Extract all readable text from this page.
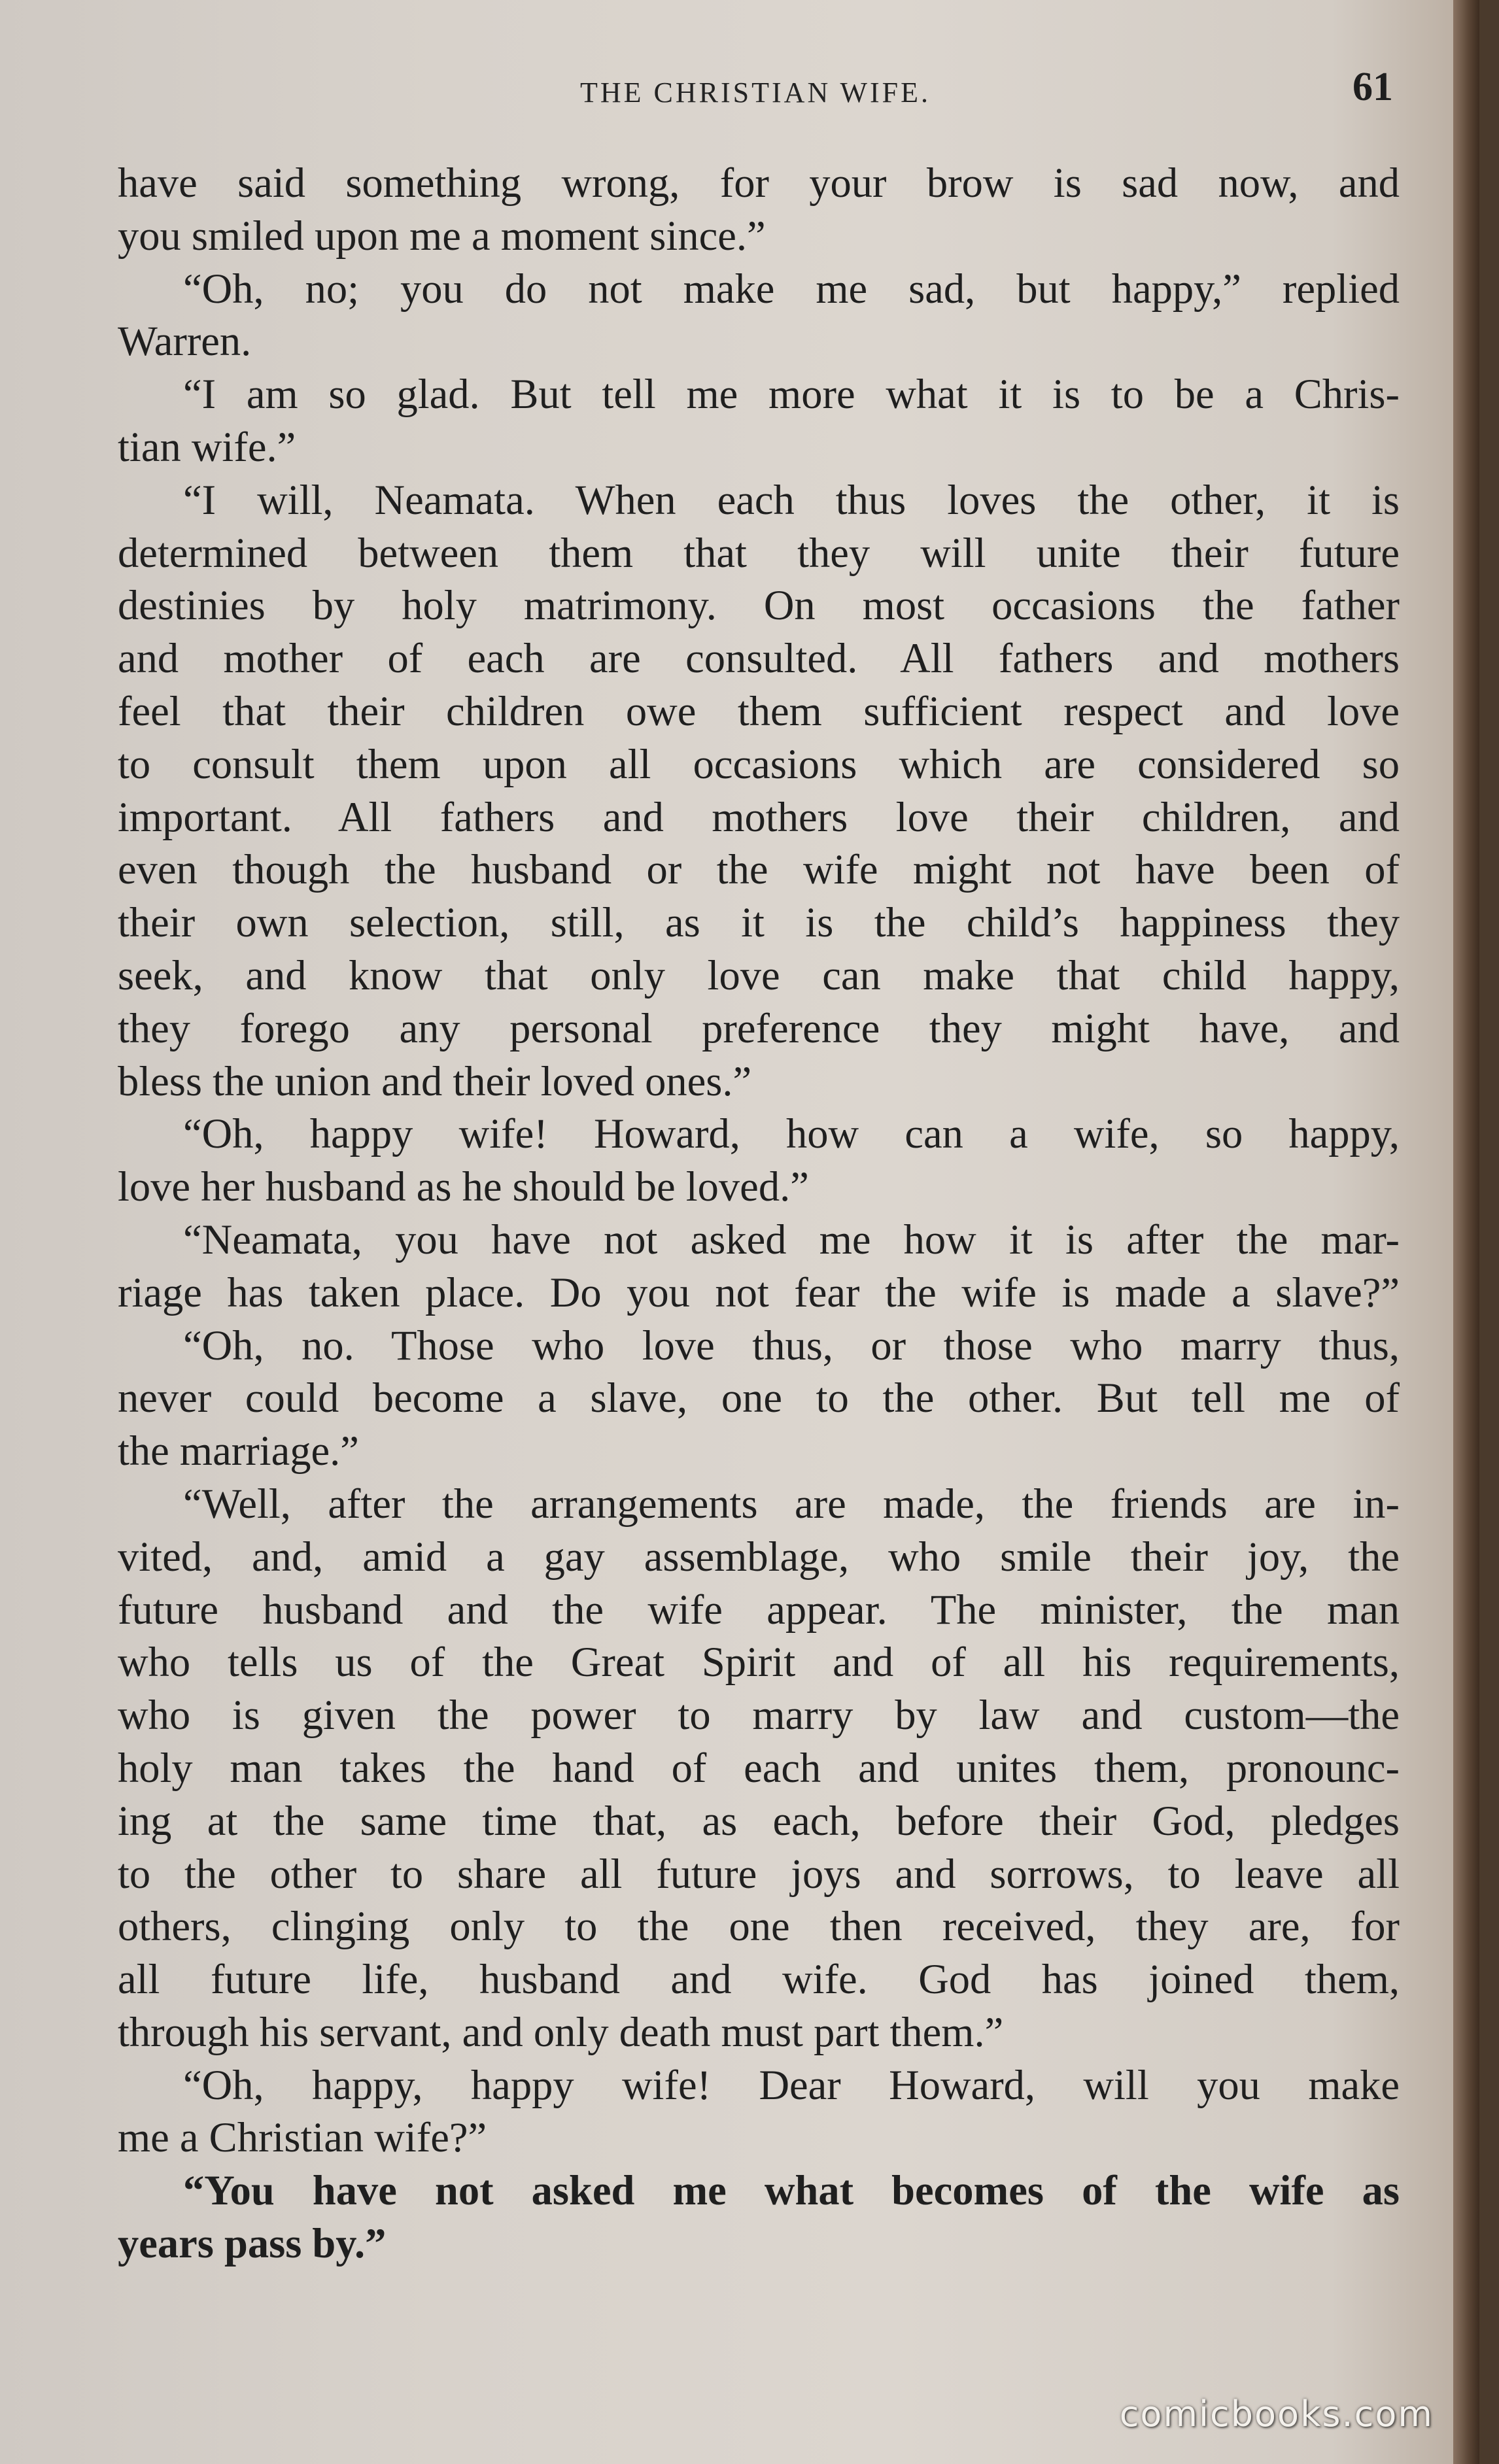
THE CHRISTIAN WIFE.	61
have said something wrong, for your brow is sad now, and
you smiled upon me a moment since.”
“Oh, no; you do not make me sad, but happy,” replied
Warren.
“I am so glad. But tell me more what it is to be a Chris-
tian wife.”
“I will, Neamata. When each thus loves the other, it is
determined between them that they will unite their future
destinies by holy matrimony. On most occasions the father
and mother of each are consulted. All fathers and mothers
feel that their children owe them sufficient respect and love
to consult them upon all occasions which are considered so
important. All fathers and mothers love their children, and
even though the husband or the wife might not have been of
their own selection, still, as it is the child’s happiness they
seek, and know that only love can make that child happy,
they forego any personal preference they might have, and
bless the union and their loved ones.”
“Oh, happy wife! Howard, how can a wife, so happy,
love her husband as he should be loved.”
“Neamata, you have not asked me how it is after the mar-
riage has taken place. Do you not fear the wife is made a slave?”
“Oh, no. Those who love thus, or those who marry thus,
never could become a slave, one to the other. But tell me of
the marriage.”
“Well, after the arrangements are made, the friends are in-
vited, and, amid a gay assemblage, who smile their joy, the
future husband and the wife appear. The minister, the man
who tells us of the Great Spirit and of all his requirements,
who is given the power to marry by law and custom—the
holy man takes the hand of each and unites them, pronounc-
ing at the same time that, as each, before their God, pledges
to the other to share all future joys and sorrows, to leave all
others, clinging only to the one then received, they are, for
all future life, husband and wife. God has joined them,
through his servant, and only death must part them.”
“Oh, happy, happy wife! Dear Howard, will you make
me a Christian wife?”
“You have not asked me what becomes of the wife as
years pass by.”
comicbooks.com
